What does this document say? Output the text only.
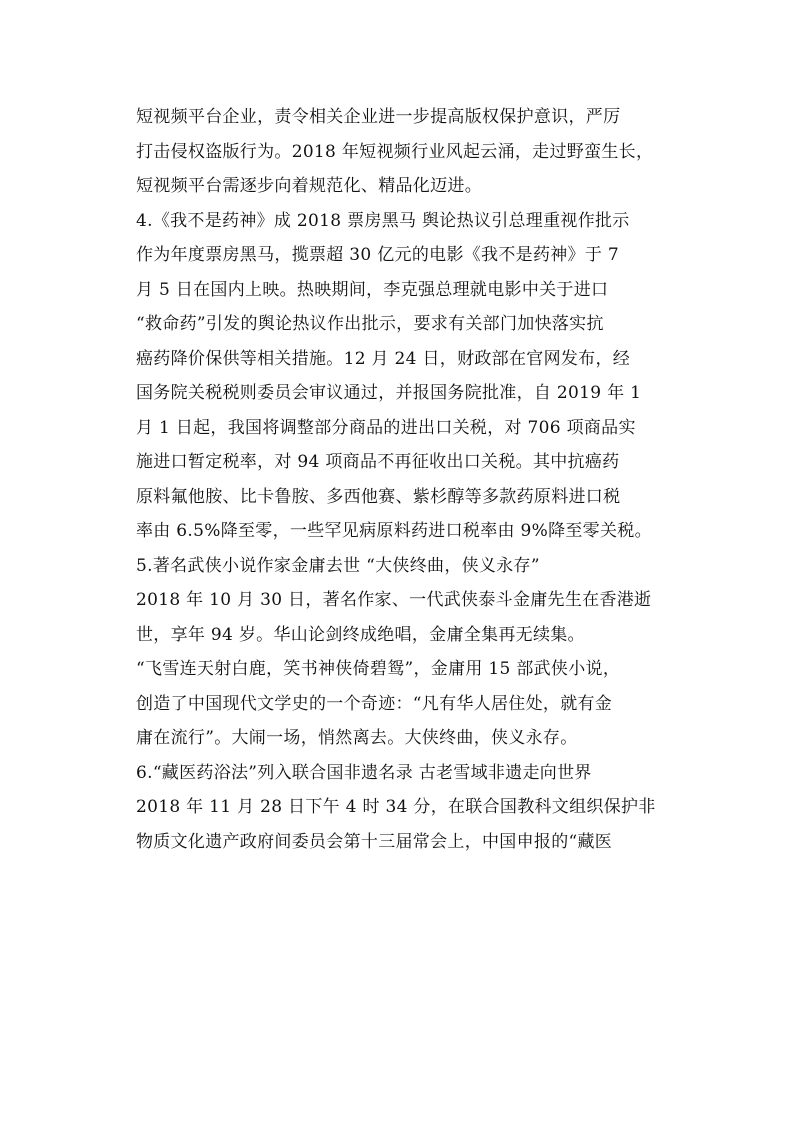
短视频平台企业，责令相关企业进一步提高版权保护意识，严厉
打击侵权盗版行为。2018 年短视频行业风起云涌，走过野蛮生长，
短视频平台需逐步向着规范化、精品化迈进。
4.《我不是药神》成 2018 票房黑马 舆论热议引总理重视作批示
作为年度票房黑马，揽票超 30 亿元的电影《我不是药神》于 7
月 5 日在国内上映。热映期间，李克强总理就电影中关于进口
“救命药”引发的舆论热议作出批示，要求有关部门加快落实抗
癌药降价保供等相关措施。12 月 24 日，财政部在官网发布，经
国务院关税税则委员会审议通过，并报国务院批准，自 2019 年 1
月 1 日起，我国将调整部分商品的进出口关税，对 706 项商品实
施进口暂定税率，对 94 项商品不再征收出口关税。其中抗癌药
原料氟他胺、比卡鲁胺、多西他赛、紫杉醇等多款药原料进口税
率由 6.5%降至零，一些罕见病原料药进口税率由 9%降至零关税。
5.著名武侠小说作家金庸去世 “大侠终曲，侠义永存”
2018 年 10 月 30 日，著名作家、一代武侠泰斗金庸先生在香港逝
世，享年 94 岁。华山论剑终成绝唱，金庸全集再无续集。
“飞雪连天射白鹿，笑书神侠倚碧鸳”，金庸用 15 部武侠小说，
创造了中国现代文学史的一个奇迹：“凡有华人居住处，就有金
庸在流行”。大闹一场，悄然离去。大侠终曲，侠义永存。
6.“藏医药浴法”列入联合国非遗名录 古老雪域非遗走向世界
2018 年 11 月 28 日下午 4 时 34 分，在联合国教科文组织保护非
物质文化遗产政府间委员会第十三届常会上，中国申报的“藏医
